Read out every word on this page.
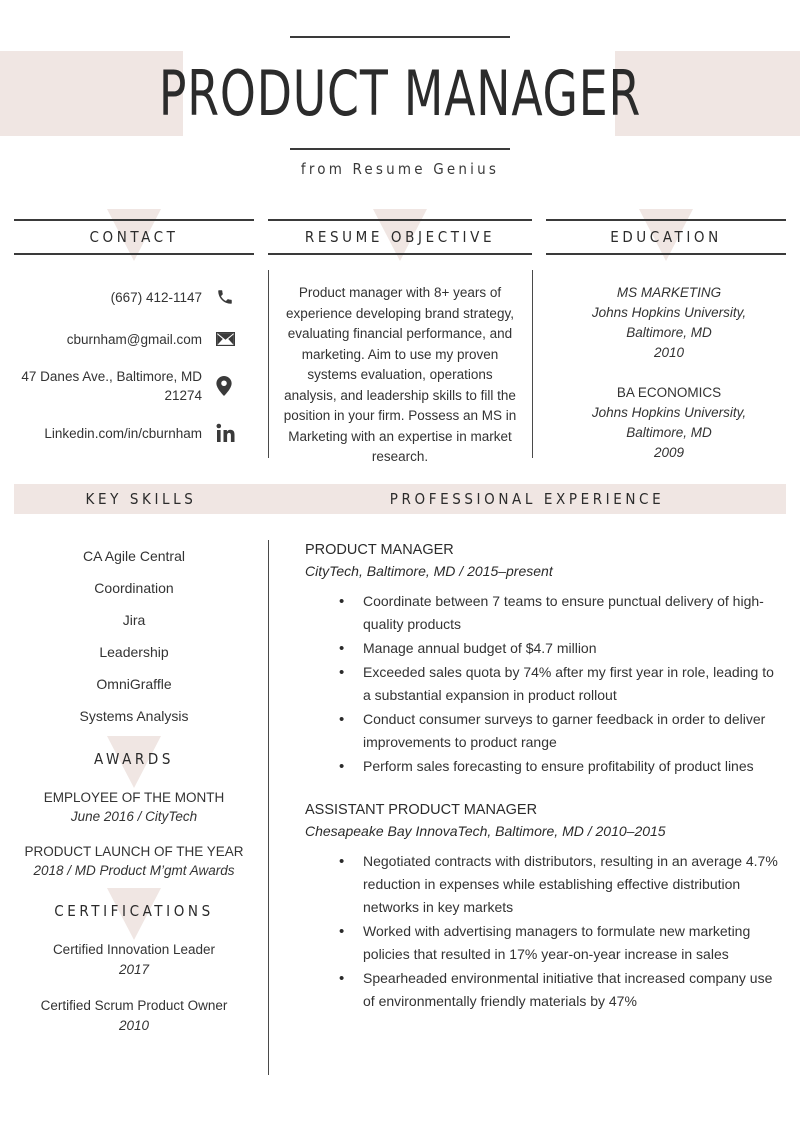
PRODUCT MANAGER
from Resume Genius
CONTACT	RESUME OBJECTIVE	EDUCATION
(667) 412-1147
cburnham@gmail.com
47 Danes Ave., Baltimore, MD 21274
Linkedin.com/in/cburnham
Product manager with 8+ years of experience developing brand strategy, evaluating financial performance, and marketing. Aim to use my proven systems evaluation, operations analysis, and leadership skills to fill the position in your firm. Possess an MS in Marketing with an expertise in market research.
MS MARKETING
Johns Hopkins University,
Baltimore, MD
2010
BA ECONOMICS
Johns Hopkins University,
Baltimore, MD
2009
KEY SKILLS	PROFESSIONAL EXPERIENCE
CA Agile Central
Coordination
Jira
Leadership
OmniGraffle
Systems Analysis
AWARDS
EMPLOYEE OF THE MONTH
June 2016 / CityTech
PRODUCT LAUNCH OF THE YEAR
2018 / MD Product M’gmt Awards
CERTIFICATIONS
Certified Innovation Leader
2017
Certified Scrum Product Owner
2010
PRODUCT MANAGER
CityTech, Baltimore, MD / 2015–present
• Coordinate between 7 teams to ensure punctual delivery of high-quality products
• Manage annual budget of $4.7 million
• Exceeded sales quota by 74% after my first year in role, leading to a substantial expansion in product rollout
• Conduct consumer surveys to garner feedback in order to deliver improvements to product range
• Perform sales forecasting to ensure profitability of product lines
ASSISTANT PRODUCT MANAGER
Chesapeake Bay InnovaTech, Baltimore, MD / 2010–2015
• Negotiated contracts with distributors, resulting in an average 4.7% reduction in expenses while establishing effective distribution networks in key markets
• Worked with advertising managers to formulate new marketing policies that resulted in 17% year-on-year increase in sales
• Spearheaded environmental initiative that increased company use of environmentally friendly materials by 47%
